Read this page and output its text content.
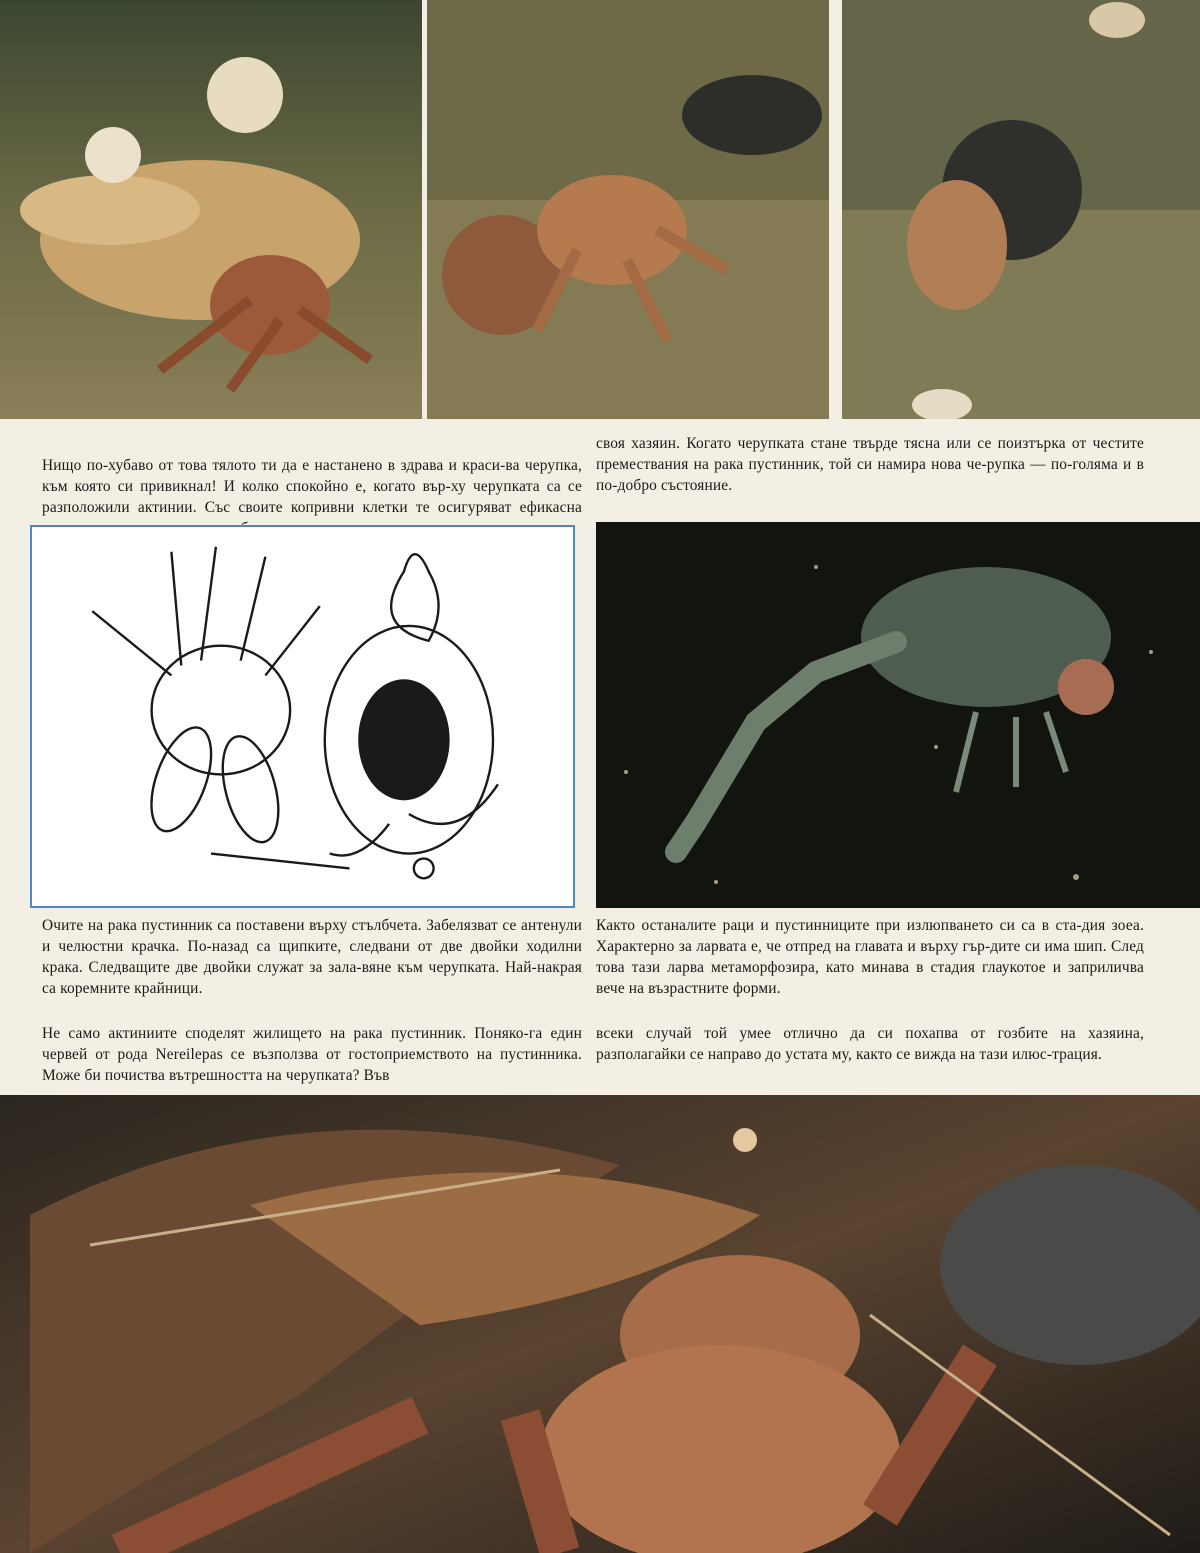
Нищо по-хубаво от това тялото ти да е настанено в здрава и краси-ва черупка, към която си привикнал! И колко спокойно е, когато вър-ху черупката са се разположили актинии. Със своите копривни клетки те осигуряват ефикасна
своя хазяин. Когато черупката стане твърде тясна или се поизтърка от честите премествания на рака пустинник, той си намира нова че-рупка — по-голяма и в по-добро състояние.
Очите на рака пустинник са поставени върху стълбчета. Забелязват се антенули и челюстни крачка. По-назад са щипките, следвани от две двойки ходилни крака. Следващите две двойки служат за зала-вяне към черупката. Най-накрая са коремните крайници.
Както останалите раци и пустинниците при излюпването си са в ста-дия зоеа. Характерно за ларвата е, че отпред на главата и върху гър-дите си има шип. След това тази ларва метаморфозира, като минава в стадия глаукотое и заприличва вече на възрастните форми.
Не само актиниите споделят жилището на рака пустинник. Поняко-га един червей от рода Nereilepas се възползва от гостоприемството на пустинника. Може би почиства вътрешността на черупката? Във
всеки случай той умее отлично да си похапва от гозбите на хазяина, разполагайки се направо до устата му, както се вижда на тази илюс-трация.
